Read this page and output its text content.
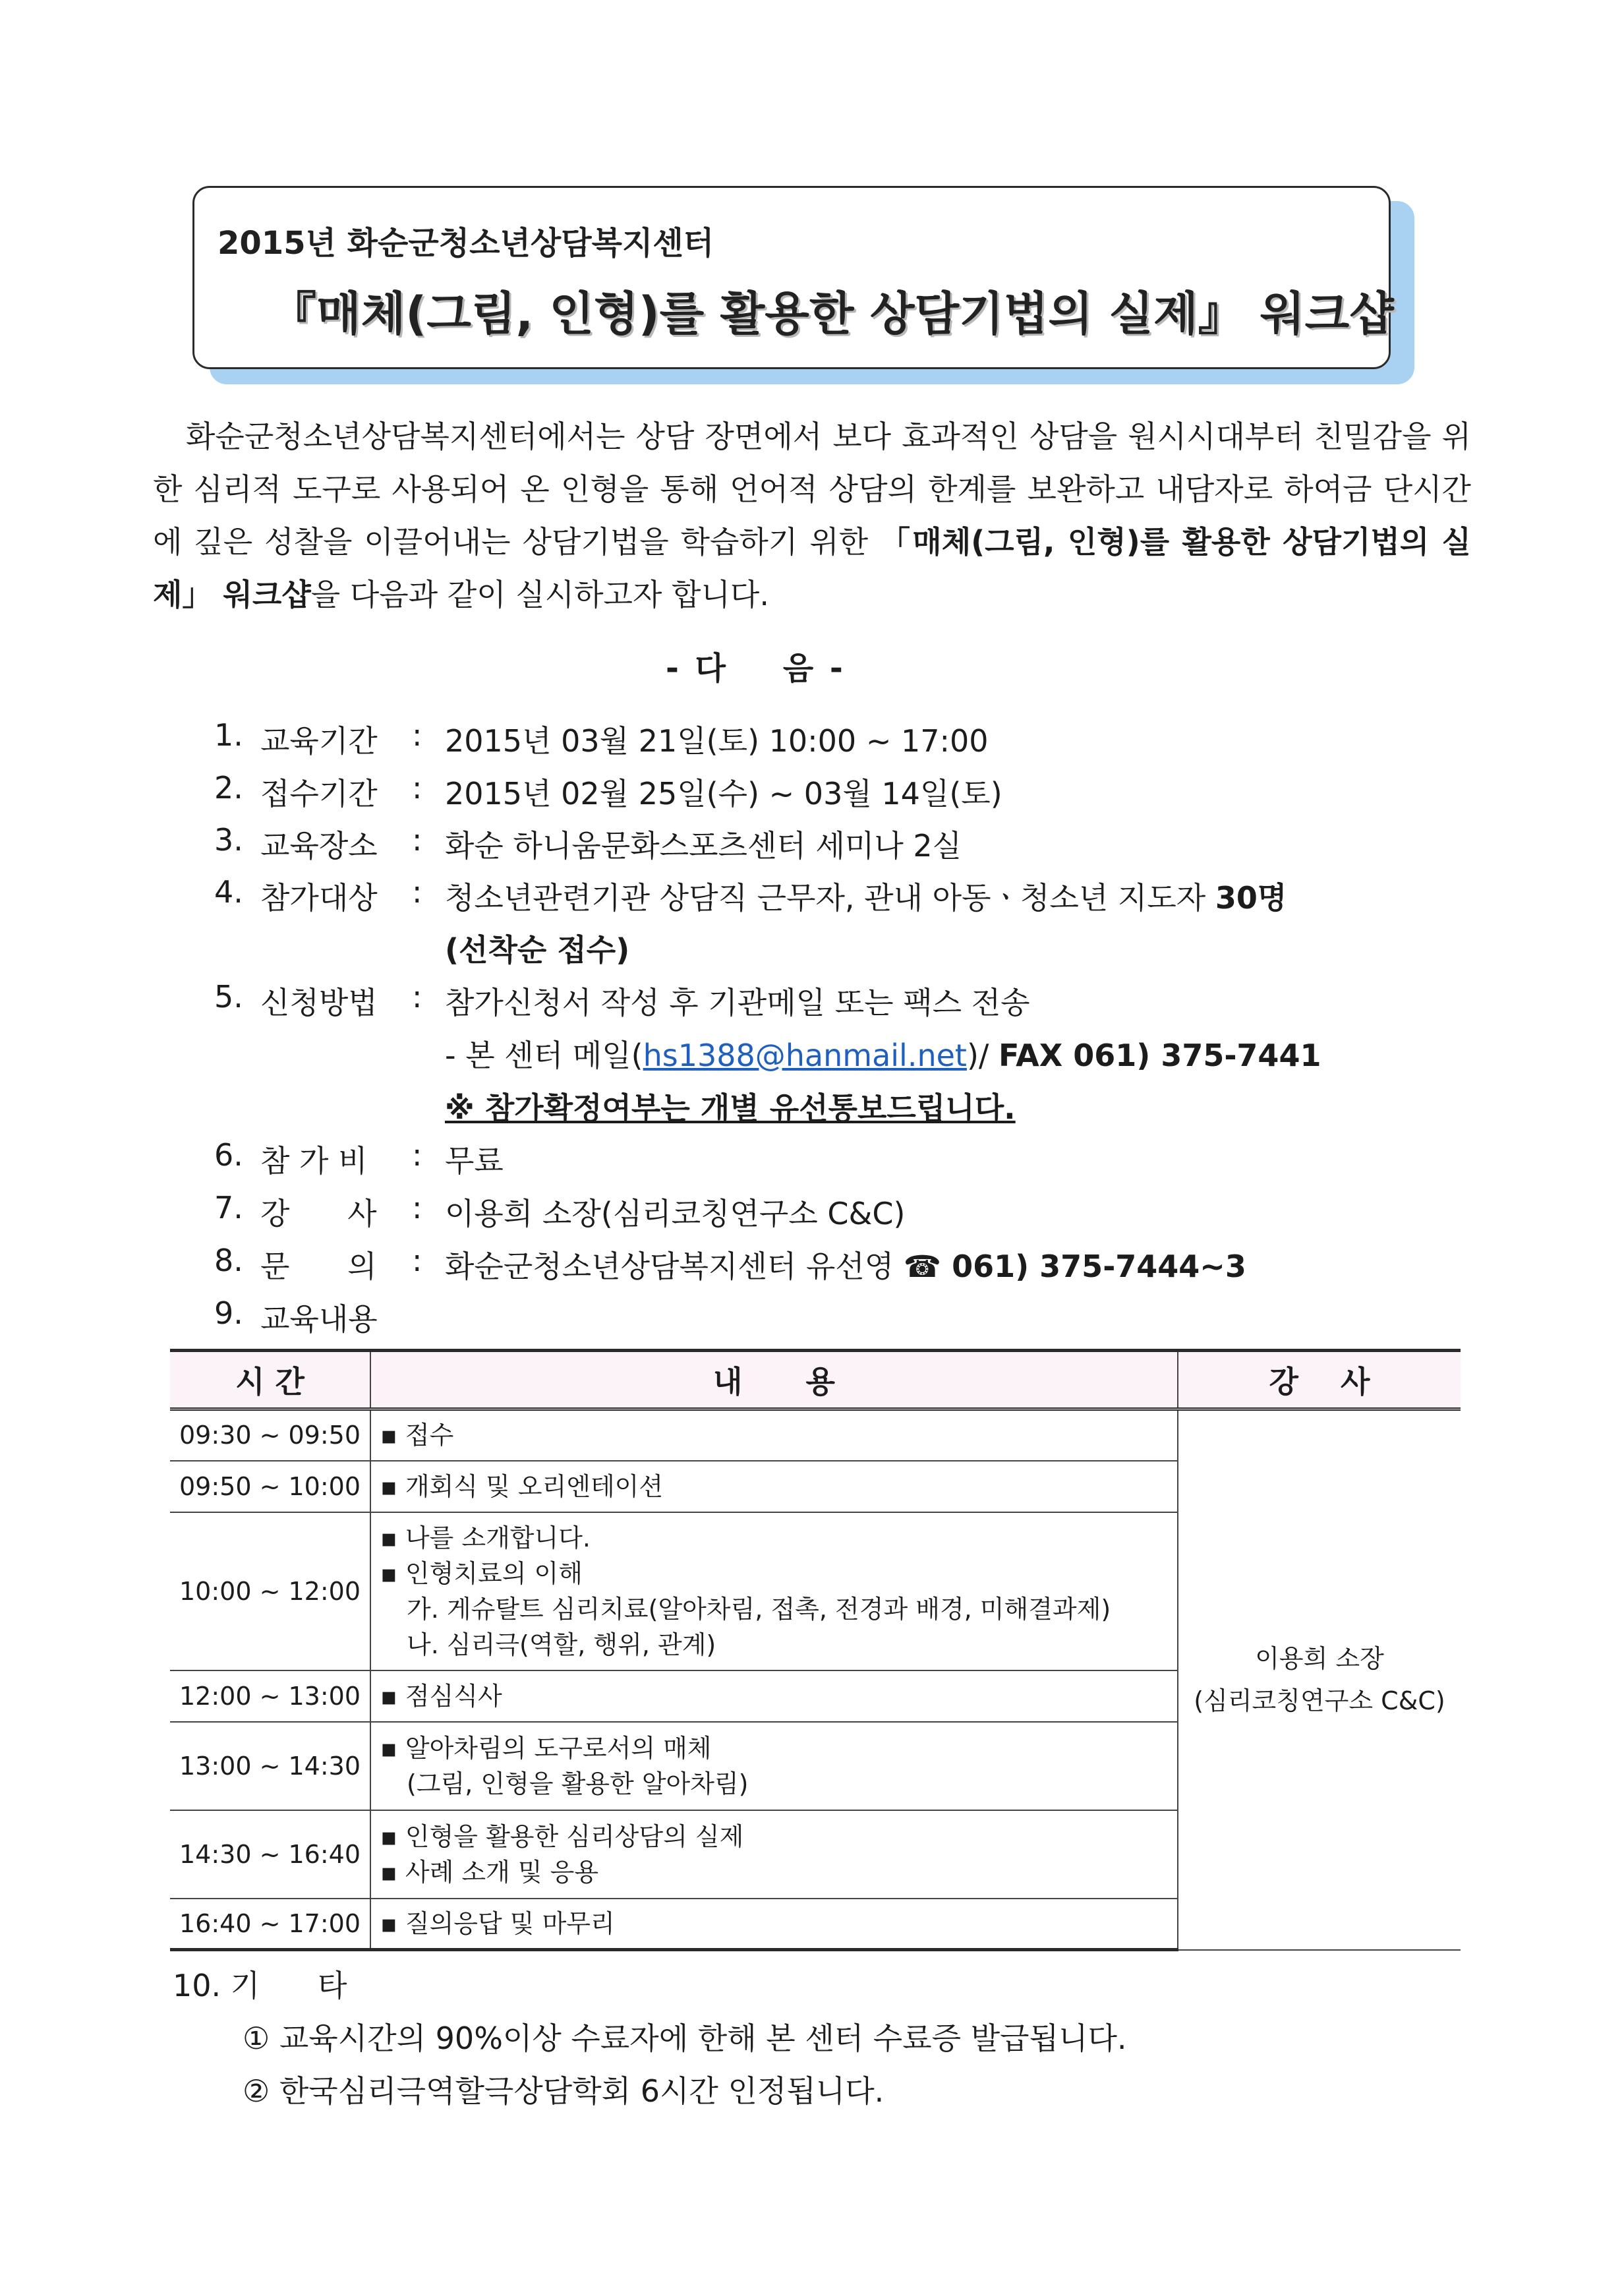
2015년 화순군청소년상담복지센터
『매체(그림, 인형)를 활용한 상담기법의 실제』 워크샵

화순군청소년상담복지센터에서는 상담 장면에서 보다 효과적인 상담을 원시시대부터 친밀감을 위한 심리적 도구로 사용되어 온 인형을 통해 언어적 상담의 한계를 보완하고 내담자로 하여금 단시간에 깊은 성찰을 이끌어내는 상담기법을 학습하기 위한 「매체(그림, 인형)를 활용한 상담기법의 실제」 워크샵을 다음과 같이 실시하고자 합니다.

- 다    음 -
1. 교육기간 : 2015년 03월 21일(토) 10:00 ~ 17:00
2. 접수기간 : 2015년 02월 25일(수) ~ 03월 14일(토)
3. 교육장소 : 화순 하니움문화스포츠센터 세미나 2실
4. 참가대상 : 청소년관련기관 상담직 근무자, 관내 아동ㆍ청소년 지도자 30명
(선착순 접수)
5. 신청방법 : 참가신청서 작성 후 기관메일 또는 팩스 전송
- 본 센터 메일(hs1388@hanmail.net)/ FAX 061) 375-7441
※ 참가확정여부는 개별 유선통보드립니다.
6. 참 가 비 : 무료
7. 강      사 : 이용희 소장(심리코칭연구소 C&C)
8. 문      의 : 화순군청소년상담복지센터 유선영 ☎ 061) 375-7444~3
9. 교육내용
시 간	내      용	강    사
09:30 ~ 09:50	▪ 접수	이용희 소장
(심리코칭연구소 C&C)

09:50 ~ 10:00	▪ 개회식 및 오리엔테이션	

10:00 ~ 12:00	▪ 나를 소개합니다.
▪ 인형치료의 이해
가. 게슈탈트 심리치료(알아차림, 접촉, 전경과 배경, 미해결과제)
나. 심리극(역할, 행위, 관계)	

12:00 ~ 13:00	▪ 점심식사	

13:00 ~ 14:30	▪ 알아차림의 도구로서의 매체
(그림, 인형을 활용한 알아차림)	

14:30 ~ 16:40	▪ 인형을 활용한 심리상담의 실제
▪ 사례 소개 및 응용	

16:40 ~ 17:00	▪ 질의응답 및 마무리	
10. 기      타
① 교육시간의 90%이상 수료자에 한해 본 센터 수료증 발급됩니다.
② 한국심리극역할극상담학회 6시간 인정됩니다.
